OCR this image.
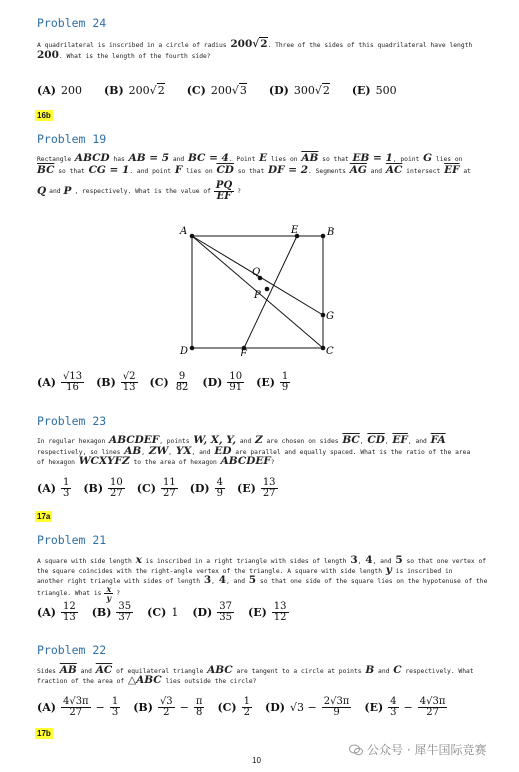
Problem 24
A quadrilateral is inscribed in a circle of radius 200√2. Three of the sides of this quadrilateral have length
200. What is the length of the fourth side?
(A) 200 (B) 200√2 (C) 200√3 (D) 300√2 (E) 500
16b
Problem 19
Rectangle ABCD has AB = 5 and BC = 4. Point E lies on $\overline{AB}$ so that EB = 1, point G lies on
$\overline{BC}$ so that CG = 1. and point F lies on $\overline{CD}$ so that DF = 2. Segments $\overline{AG}$ and $\overline{AC}$ intersect $\overline{EF}$ at
Q and P , respectively. What is the value of $\frac{PQ}{EF}$ ?
A	B
C
D
E
F
G
Q
P
$(A) \frac{√13}{16} (B) \frac{√2}{13} (C) \frac{9}{82} (D) \frac{10}{91} (E) \frac{1}{9}$
Problem 23
In regular hexagon ABCDEF, points W, X, Y, and Z are chosen on sides $\overline{BC}$, $\overline{CD}$, $\overline{EF}$, and $\overline{FA}$
respectively, so lines AB, ZW, YX, and ED are parallel and equally spaced. What is the ratio of the area
of hexagon WCXYFZ to the area of hexagon ABCDEF?
$(A) \frac{1}{3} (B) \frac{10}{27} (C) \frac{11}{27} (D) \frac{4}{9} (E) \frac{13}{27}$
17a
Problem 21
A square with side length x is inscribed in a right triangle with sides of length 3, 4, and 5 so that one vertex of
the square coincides with the right-angle vertex of the triangle. A square with side length y is inscribed in
another right triangle with sides of length 3, 4, and 5 so that one side of the square lies on the hypotenuse of the
triangle. What is $\frac{x}{y}$ ?
$(A) \frac{12}{13} (B) \frac{35}{37} (C)$ 1 $(D) \frac{37}{35} (E) \frac{13}{12}$
Problem 22
Sides $\overline{AB}$ and $\overline{AC}$ of equilateral triangle ABC are tangent to a circle at points B and C respectively. What
fraction of the area of △ABC lies outside the circle?
$(A) \frac{4√3\pi}{27} - \frac{1}{3} (B) \frac{√3}{2} - \frac{\pi}{8} (C) \frac{1}{2} (D) √3 - \frac{2√3\pi}{9} (E) \frac{4}{3} - \frac{4√3\pi}{27}$
17b
公众号 · 犀牛国际竞赛
10
